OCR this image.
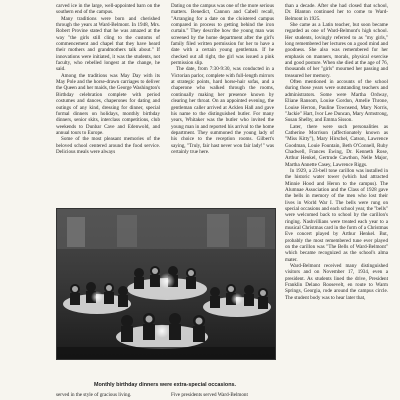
carved ice in the large, well-appointed barn on the southern end of the campus.

Many traditions were born and cherished through the years at Ward-Belmont. In 1948, Mrs. Robert Provine stated that he was amazed at the way "the girls still cling to the customs of commencement and chapel that they have heard their mothers and grandmothers talk about." If innovations were initiated, it was the students, not faculty, who rebelled longest at the change, he said.

Among the traditions was May Day with its May Pole and the horse-drawn carriages to deliver the Queen and her maids, the George Washington's Birthday celebration complete with period costumes and dances, chaperones for dating and outings of any kind, dressing for dinner, special formal dinners on holidays, monthly birthday dinners, senior skits, interclass competitions, club weekends to Dunbar Cave and Edenwold, and annual tours to Europe.

Some of the most pleasant memories of the beloved school centered around the food service. Delicious meals were always

Dating on the campus was one of the more serious matters. Benedict, Cannon and Cabell recall, "Arranging for a date on the cloistered campus compared in process to getting behind the iron curtain." They describe how the young man was screened by the home department after the girl's family filed written permission for her to have a date with a certain young gentleman. If he checked out all right, the girl was issued a pink permission slip.

The date, from 7:30-9:30, was conducted in a Victorian parlor, complete with full-length mirrors at strategic points, hard horse-hair sofas, and a chaperone who walked through the rooms, continually making her presence known by clearing her throat. On an appointed evening, the gentleman caller arrived at Acklen Hall and gave his name to the distinguished butler. For many years, Whitaker was the butler who invited the young man in and reported his arrival to the home department. They summoned the young lady of his choice to the reception rooms. Gilbert's saying, "Truly, fair hast never won fair lady!" was certainly true here.

than a decade. After she had closed that school, Dr. Blanton continued her to come to Ward-Belmont in 1925.

She came as a Latin teacher, but soon became regarded as one of Ward-Belmont's high school. Her students, lovingly referred to as "my girls," long remembered her lectures on a good mind and goodness. She also was remembered for her emphasis on manners, morals, physical exercise and good posture. When she died at the age of 76, thousands of her "girls" mourned her passing and treasured her memory.

Often mentioned in accounts of the school during those years were outstanding teachers and administrators. Some were Martha Ordway, Eliane Ransom, Louise Gordon, Amelie Throne, Louise Herron, Pauline Townsend, Mary Norris, "Jackie" Hart, Ivor Lee Duncan, Mary Armstrong, Susan Shelby, and Emma Sisson.

Later, there were such personalities as Catherine Morrison (affectionately known as "Miss Kitty"), Mary Hirschel, Catson, Lawrence Goodman, Louie Fountain, Beth O'Connell, Ruby Chadwell, Frances Ewing, Dr. Kenneth Rose, Arthur Henkel, Gertrude Cawthon, Nelle Major, Martha Annette Casey, Lawrence Riggs.

In 1929, a 23-bell tone carillon was installed in the historic water tower (which had attracted Minnie Hood and Heron to the campus). The Alumnae Association and the Class of 1928 gave the bells in memory of the men who lost their lives in World War I. The bells were rung on special occasions and each school year, the "bells" were welcomed back to school by the carillon's ringing. Nashvillians were treated each year to a musical Christmas card in the form of a Christmas Eve concert played by Arthur Henkel. But, probably the most remembered tune ever played on the carillon was "The Bells of Ward-Belmont" which became recognized as the school's alma mater.

Ward-Belmont received many distinguished visitors and on November 17, 1934, even a president. As students lined the drive, President Franklin Delano Roosevelt, en route to Warm Springs, Georgia, rode around the campus circle. The student body was to hear later that,

Monthly birthday dinners were extra-special occasions.
served in the style of gracious living.	Five presidents served Ward-Belmont
